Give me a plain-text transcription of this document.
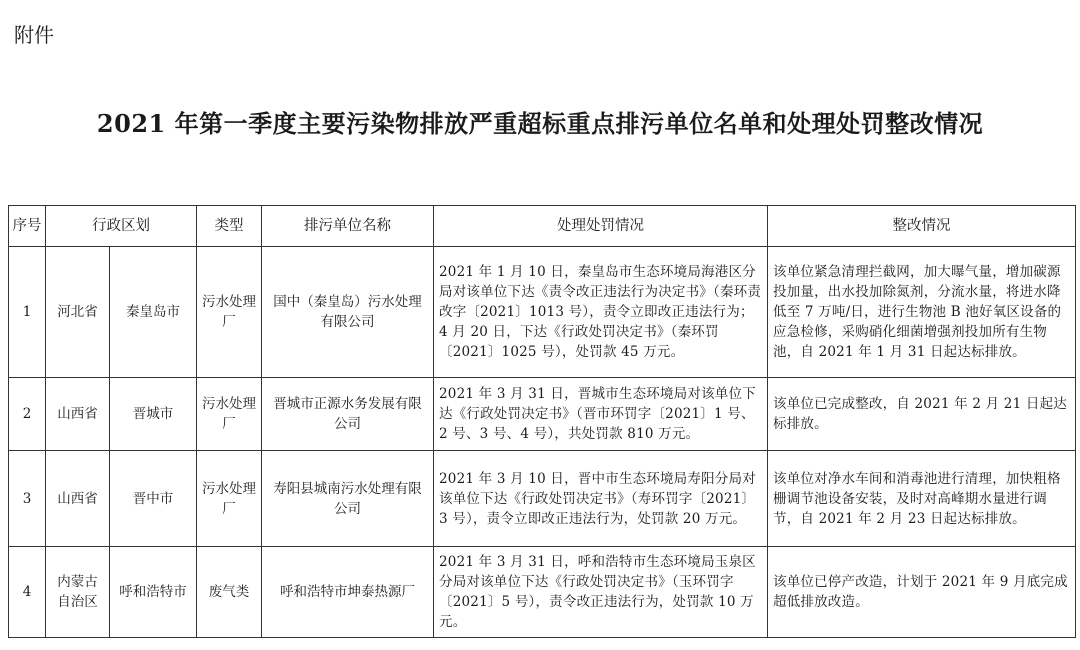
附件
2021 年第一季度主要污染物排放严重超标重点排污单位名单和处理处罚整改情况
序号	行政区划		类型	排污单位名称	处理处罚情况	整改情况
1	河北省	秦皇岛市	污水处理厂	国中（秦皇岛）污水处理有限公司	2021 年 1 月 10 日，秦皇岛市生态环境局海港区分局对该单位下达《责令改正违法行为决定书》（秦环责改字〔2021〕1013 号），责令立即改正违法行为；4 月 20 日，下达《行政处罚决定书》（秦环罚〔2021〕1025 号），处罚款 45 万元。	该单位紧急清理拦截网，加大曝气量，增加碳源投加量，出水投加除氮剂，分流水量，将进水降低至 7 万吨/日，进行生物池 B 池好氧区设备的应急检修，采购硝化细菌增强剂投加所有生物池，自 2021 年 1 月 31 日起达标排放。
2	山西省	晋城市	污水处理厂	晋城市正源水务发展有限公司	2021 年 3 月 31 日，晋城市生态环境局对该单位下达《行政处罚决定书》（晋市环罚字〔2021〕1 号、2 号、3 号、4 号），共处罚款 810 万元。	该单位已完成整改，自 2021 年 2 月 21 日起达标排放。
3	山西省	晋中市	污水处理厂	寿阳县城南污水处理有限公司	2021 年 3 月 10 日，晋中市生态环境局寿阳分局对该单位下达《行政处罚决定书》（寿环罚字〔2021〕3 号），责令立即改正违法行为，处罚款 20 万元。	该单位对净水车间和消毒池进行清理，加快粗格栅调节池设备安装，及时对高峰期水量进行调节，自 2021 年 2 月 23 日起达标排放。
4	内蒙古自治区	呼和浩特市	废气类	呼和浩特市坤泰热源厂	2021 年 3 月 31 日，呼和浩特市生态环境局玉泉区分局对该单位下达《行政处罚决定书》（玉环罚字〔2021〕5 号），责令改正违法行为，处罚款 10 万元。	该单位已停产改造，计划于 2021 年 9 月底完成超低排放改造。
